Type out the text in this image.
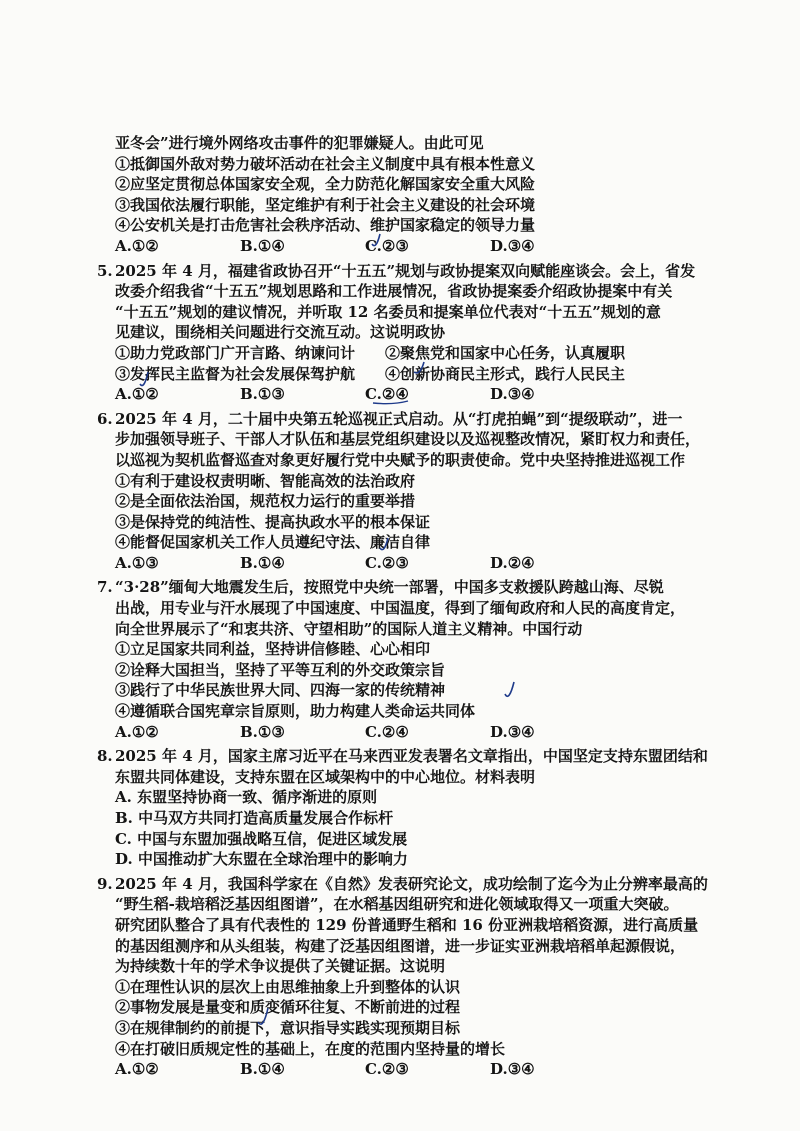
亚冬会”进行境外网络攻击事件的犯罪嫌疑人。由此可见
①抵御国外敌对势力破坏活动在社会主义制度中具有根本性意义
②应坚定贯彻总体国家安全观，全力防范化解国家安全重大风险
③我国依法履行职能，坚定维护有利于社会主义建设的社会环境
④公安机关是打击危害社会秩序活动、维护国家稳定的领导力量
A.①②	B.①④	C.②③	D.③④
5. 2025 年 4 月，福建省政协召开“十五五”规划与政协提案双向赋能座谈会。会上，省发
改委介绍我省“十五五”规划思路和工作进展情况，省政协提案委介绍政协提案中有关
“十五五”规划的建议情况，并听取 12 名委员和提案单位代表对“十五五”规划的意
见建议，围绕相关问题进行交流互动。这说明政协
①助力党政部门广开言路、纳谏问计	②聚焦党和国家中心任务，认真履职
③发挥民主监督为社会发展保驾护航	④创新协商民主形式，践行人民民主
A.①②	B.①③	C.②④	D.③④
6. 2025 年 4 月，二十届中央第五轮巡视正式启动。从“打虎拍蝇”到“提级联动”，进一
步加强领导班子、干部人才队伍和基层党组织建设以及巡视整改情况，紧盯权力和责任，
以巡视为契机监督巡查对象更好履行党中央赋予的职责使命。党中央坚持推进巡视工作
①有利于建设权责明晰、智能高效的法治政府
②是全面依法治国，规范权力运行的重要举措
③是保持党的纯洁性、提高执政水平的根本保证
④能督促国家机关工作人员遵纪守法、廉洁自律
A.①③	B.①④	C.②③	D.②④
7. “3·28”缅甸大地震发生后，按照党中央统一部署，中国多支救援队跨越山海、尽锐
出战，用专业与汗水展现了中国速度、中国温度，得到了缅甸政府和人民的高度肯定，
向全世界展示了“和衷共济、守望相助”的国际人道主义精神。中国行动
①立足国家共同利益，坚持讲信修睦、心心相印
②诠释大国担当，坚持了平等互利的外交政策宗旨
③践行了中华民族世界大同、四海一家的传统精神
④遵循联合国宪章宗旨原则，助力构建人类命运共同体
A.①②	B.①③	C.②④	D.③④
8. 2025 年 4 月，国家主席习近平在马来西亚发表署名文章指出，中国坚定支持东盟团结和
东盟共同体建设，支持东盟在区域架构中的中心地位。材料表明
A. 东盟坚持协商一致、循序渐进的原则
B. 中马双方共同打造高质量发展合作标杆
C. 中国与东盟加强战略互信，促进区域发展
D. 中国推动扩大东盟在全球治理中的影响力
9. 2025 年 4 月，我国科学家在《自然》发表研究论文，成功绘制了迄今为止分辨率最高的
“野生稻-栽培稻泛基因组图谱”，在水稻基因组研究和进化领域取得又一项重大突破。
研究团队整合了具有代表性的 129 份普通野生稻和 16 份亚洲栽培稻资源，进行高质量
的基因组测序和从头组装，构建了泛基因组图谱，进一步证实亚洲栽培稻单起源假说，
为持续数十年的学术争议提供了关键证据。这说明
①在理性认识的层次上由思维抽象上升到整体的认识
②事物发展是量变和质变循环往复、不断前进的过程
③在规律制约的前提下，意识指导实践实现预期目标
④在打破旧质规定性的基础上，在度的范围内坚持量的增长
A.①②	B.①④	C.②③	D.③④
